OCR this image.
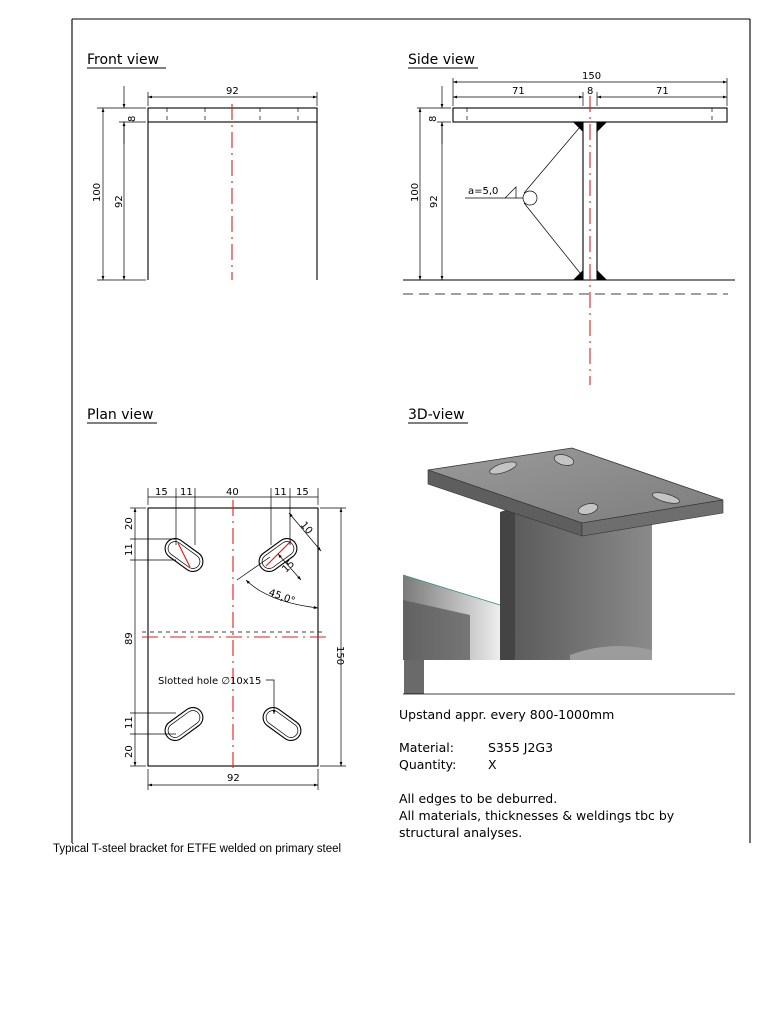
Front view	Side view
Plan view	3D-view
92
8
100 92
150
71	8	71
8
100 92
a=5,0
15 11	40	11 15
20
11
89
11
20
150
92
10
15
45,0°
Slotted hole ∅10x15
Upstand appr. every 800-1000mm
Material:	S355 J2G3
Quantity:	X
All edges to be deburred.
All materials, thicknesses & weldings tbc by
structural analyses.

Typical T-steel bracket for ETFE welded on primary steel
